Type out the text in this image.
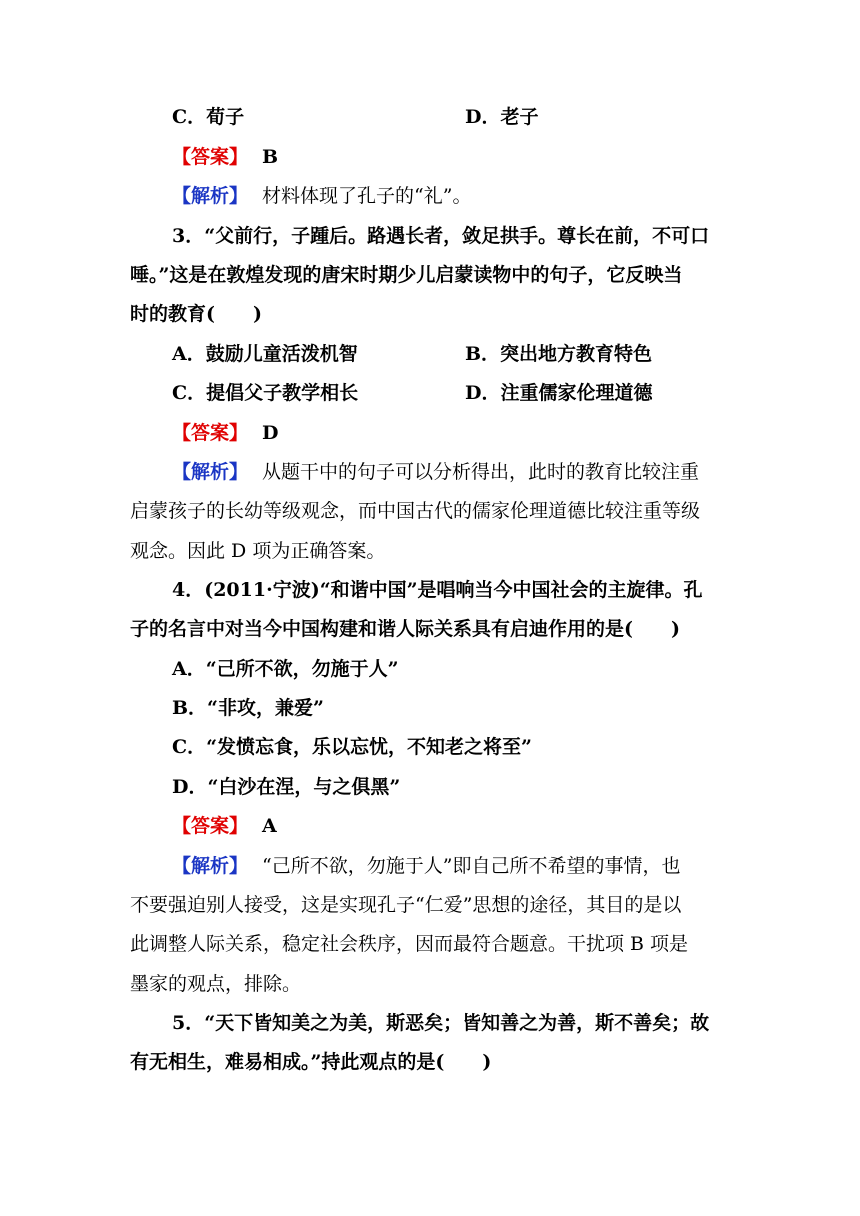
C．荀子	D．老子
【答案】 B
【解析】 材料体现了孔子的“礼”。
3．“父前行，子踵后。路遇长者，敛足拱手。尊长在前，不可口
唾。”这是在敦煌发现的唐宋时期少儿启蒙读物中的句子，它反映当
时的教育(　　)
A．鼓励儿童活泼机智	B．突出地方教育特色
C．提倡父子教学相长	D．注重儒家伦理道德
【答案】 D
【解析】 从题干中的句子可以分析得出，此时的教育比较注重
启蒙孩子的长幼等级观念，而中国古代的儒家伦理道德比较注重等级
观念。因此 D 项为正确答案。
4．(2011·宁波)“和谐中国”是唱响当今中国社会的主旋律。孔
子的名言中对当今中国构建和谐人际关系具有启迪作用的是(　　)
A．“己所不欲，勿施于人”
B．“非攻，兼爱”
C．“发愤忘食，乐以忘忧，不知老之将至”
D．“白沙在涅，与之俱黑”
【答案】 A
【解析】 “己所不欲，勿施于人”即自己所不希望的事情，也
不要强迫别人接受，这是实现孔子“仁爱”思想的途径，其目的是以
此调整人际关系，稳定社会秩序，因而最符合题意。干扰项 B 项是
墨家的观点，排除。
5．“天下皆知美之为美，斯恶矣；皆知善之为善，斯不善矣；故
有无相生，难易相成。”持此观点的是(　　)
